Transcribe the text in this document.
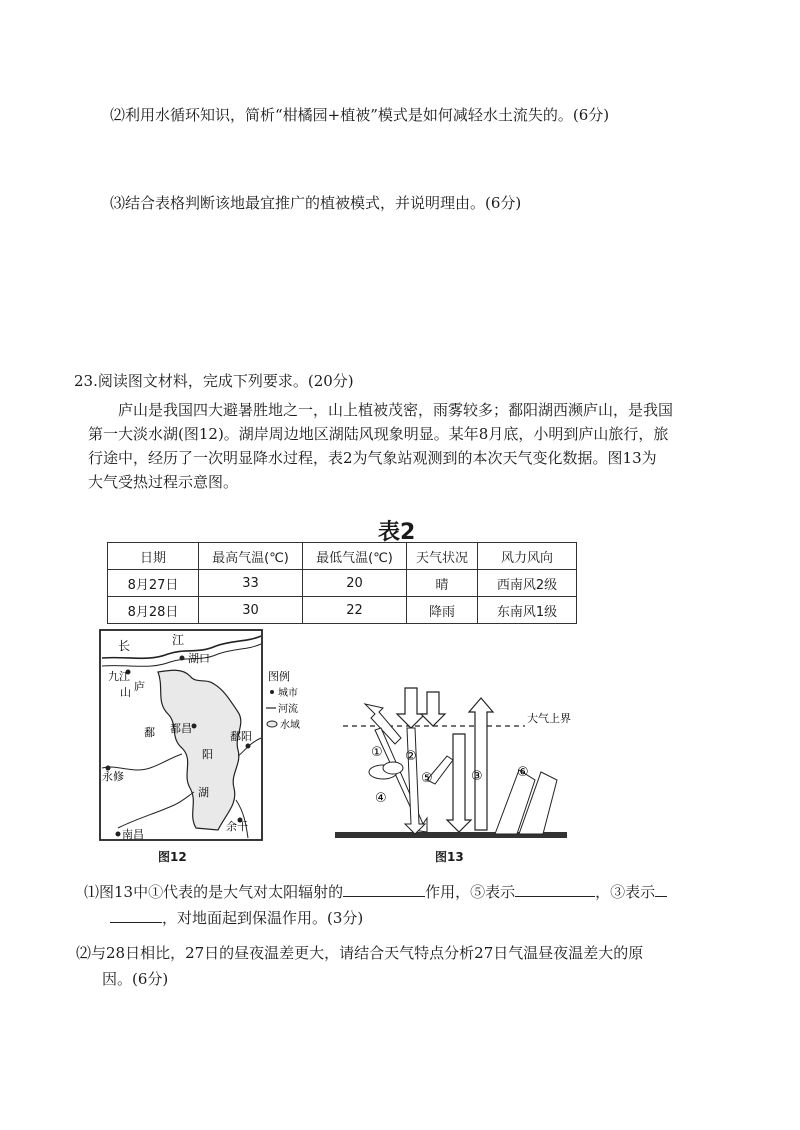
⑵利用水循环知识，简析“柑橘园+植被”模式是如何减轻水土流失的。(6分)
⑶结合表格判断该地最宜推广的植被模式，并说明理由。(6分)
23.阅读图文材料，完成下列要求。(20分)
庐山是我国四大避暑胜地之一，山上植被茂密，雨雾较多；鄱阳湖西濒庐山，是我国
第一大淡水湖(图12)。湖岸周边地区湖陆风现象明显。某年8月底，小明到庐山旅行，旅
行途中，经历了一次明显降水过程，表2为气象站观测到的本次天气变化数据。图13为
大气受热过程示意图。
表2
日期	最高气温(℃)	最低气温(℃)	天气状况	风力风向
8月27日	33	20	晴	西南风2级
8月28日	30	22	降雨	东南风1级
长	江
湖口
九江
庐
山
鄱 都昌
阳
湖
永修
鄱阳
余干
南昌
图例
城市
河流
水域
图12
大气上界
① ②
③
④
⑤	⑥
图13
⑴图13中①代表的是大气对太阳辐射的	作用，⑤表示	，③表示
，对地面起到保温作用。(3分)
⑵与28日相比，27日的昼夜温差更大，请结合天气特点分析27日气温昼夜温差大的原
因。(6分)
